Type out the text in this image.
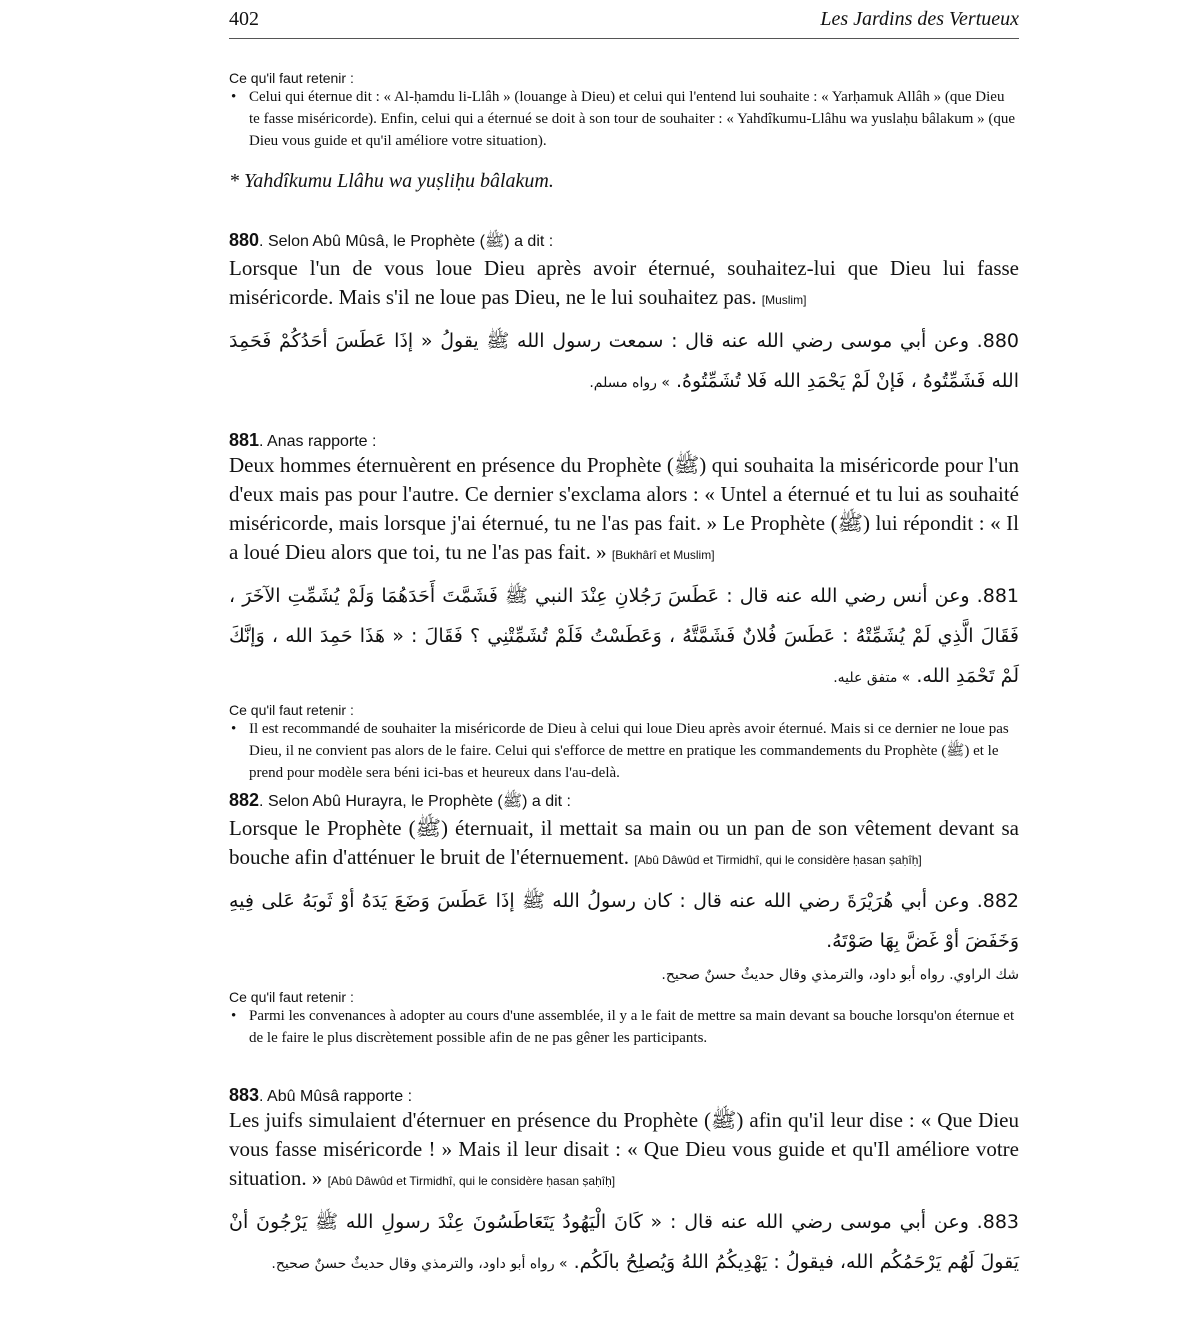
402	Les Jardins des Vertueux

Ce qu'il faut retenir :

• Celui qui éternue dit : « Al-ḥamdu li-Llâh » (louange à Dieu) et celui qui l'entend lui souhaite : « Yarḥamuk Allâh » (que Dieu te fasse miséricorde). Enfin, celui qui a éternué se doit à son tour de souhaiter : « Yahdîkumu-Llâhu wa yuslaḥu bâlakum » (que Dieu vous guide et qu'il améliore votre situation).

* Yahdîkumu Llâhu wa yuṣliḥu bâlakum.

880. Selon Abû Mûsâ, le Prophète (ﷺ) a dit :

Lorsque l'un de vous loue Dieu après avoir éternué, souhaitez-lui que Dieu lui fasse miséricorde. Mais s'il ne loue pas Dieu, ne le lui souhaitez pas. [Muslim]

880. وعن أبي موسى رضي الله عنه قال : سمعت رسول الله ﷺ يقولُ « إذَا عَطَسَ أحَدُكُمْ فَحَمِدَ الله فَشَمِّتُوهُ ، فَإنْ لَمْ يَحْمَدِ الله فَلا تُشَمِّتُوهُ. » رواه مسلم.

881. Anas rapporte :

Deux hommes éternuèrent en présence du Prophète (ﷺ) qui souhaita la miséricorde pour l'un d'eux mais pas pour l'autre. Ce dernier s'exclama alors : « Untel a éternué et tu lui as souhaité miséricorde, mais lorsque j'ai éternué, tu ne l'as pas fait. » Le Prophète (ﷺ) lui répondit : « Il a loué Dieu alors que toi, tu ne l'as pas fait. » [Bukhârî et Muslim]

881. وعن أنس رضي الله عنه قال : عَطَسَ رَجُلانِ عِنْدَ النبي ﷺ فَشَمَّتَ أَحَدَهُمَا وَلَمْ يُشَمِّتِ الآخَرَ ، فَقَالَ الَّذِي لَمْ يُشَمِّتْهُ : عَطَسَ فُلانٌ فَشَمَّتَّهُ ، وَعَطَسْتُ فَلَمْ تُشَمِّتْنِي ؟ فَقَالَ : « هَذَا حَمِدَ الله ، وَإنَّكَ لَمْ تَحْمَدِ الله. » متفق عليه.

Ce qu'il faut retenir :

• Il est recommandé de souhaiter la miséricorde de Dieu à celui qui loue Dieu après avoir éternué. Mais si ce dernier ne loue pas Dieu, il ne convient pas alors de le faire. Celui qui s'efforce de mettre en pratique les commandements du Prophète (ﷺ) et le prend pour modèle sera béni ici-bas et heureux dans l'au-delà.

882. Selon Abû Hurayra, le Prophète (ﷺ) a dit :

Lorsque le Prophète (ﷺ) éternuait, il mettait sa main ou un pan de son vêtement devant sa bouche afin d'atténuer le bruit de l'éternuement. [Abû Dâwûd et Tirmidhî, qui le considère ḥasan ṣaḥîḥ]

882. وعن أبي هُرَيْرَةَ رضي الله عنه قال : كان رسولُ الله ﷺ إذَا عَطَسَ وَضَعَ يَدَهُ أوْ ثَوبَهُ عَلى فِيهِ وَخَفَضَ أوْ غَضَّ بِهَا صَوْتَهُ.

شك الراوي. رواه أبو داود، والترمذي وقال حديثٌ حسنٌ صحيح.

Ce qu'il faut retenir :

• Parmi les convenances à adopter au cours d'une assemblée, il y a le fait de mettre sa main devant sa bouche lorsqu'on éternue et de le faire le plus discrètement possible afin de ne pas gêner les participants.

883. Abû Mûsâ rapporte :

Les juifs simulaient d'éternuer en présence du Prophète (ﷺ) afin qu'il leur dise : « Que Dieu vous fasse miséricorde ! » Mais il leur disait : « Que Dieu vous guide et qu'Il améliore votre situation. » [Abû Dâwûd et Tirmidhî, qui le considère ḥasan ṣaḥîḥ]

883. وعن أبي موسى رضي الله عنه قال : « كَانَ الْيَهُودُ يَتَعَاطَسُونَ عِنْدَ رسولِ الله ﷺ يَرْجُونَ أنْ يَقولَ لَهُم يَرْحَمُكُم الله، فيقولُ : يَهْدِيكُمُ اللهُ وَيُصلِحُ بالَكُم. » رواه أبو داود، والترمذي وقال حديثٌ حسنٌ صحيح.
